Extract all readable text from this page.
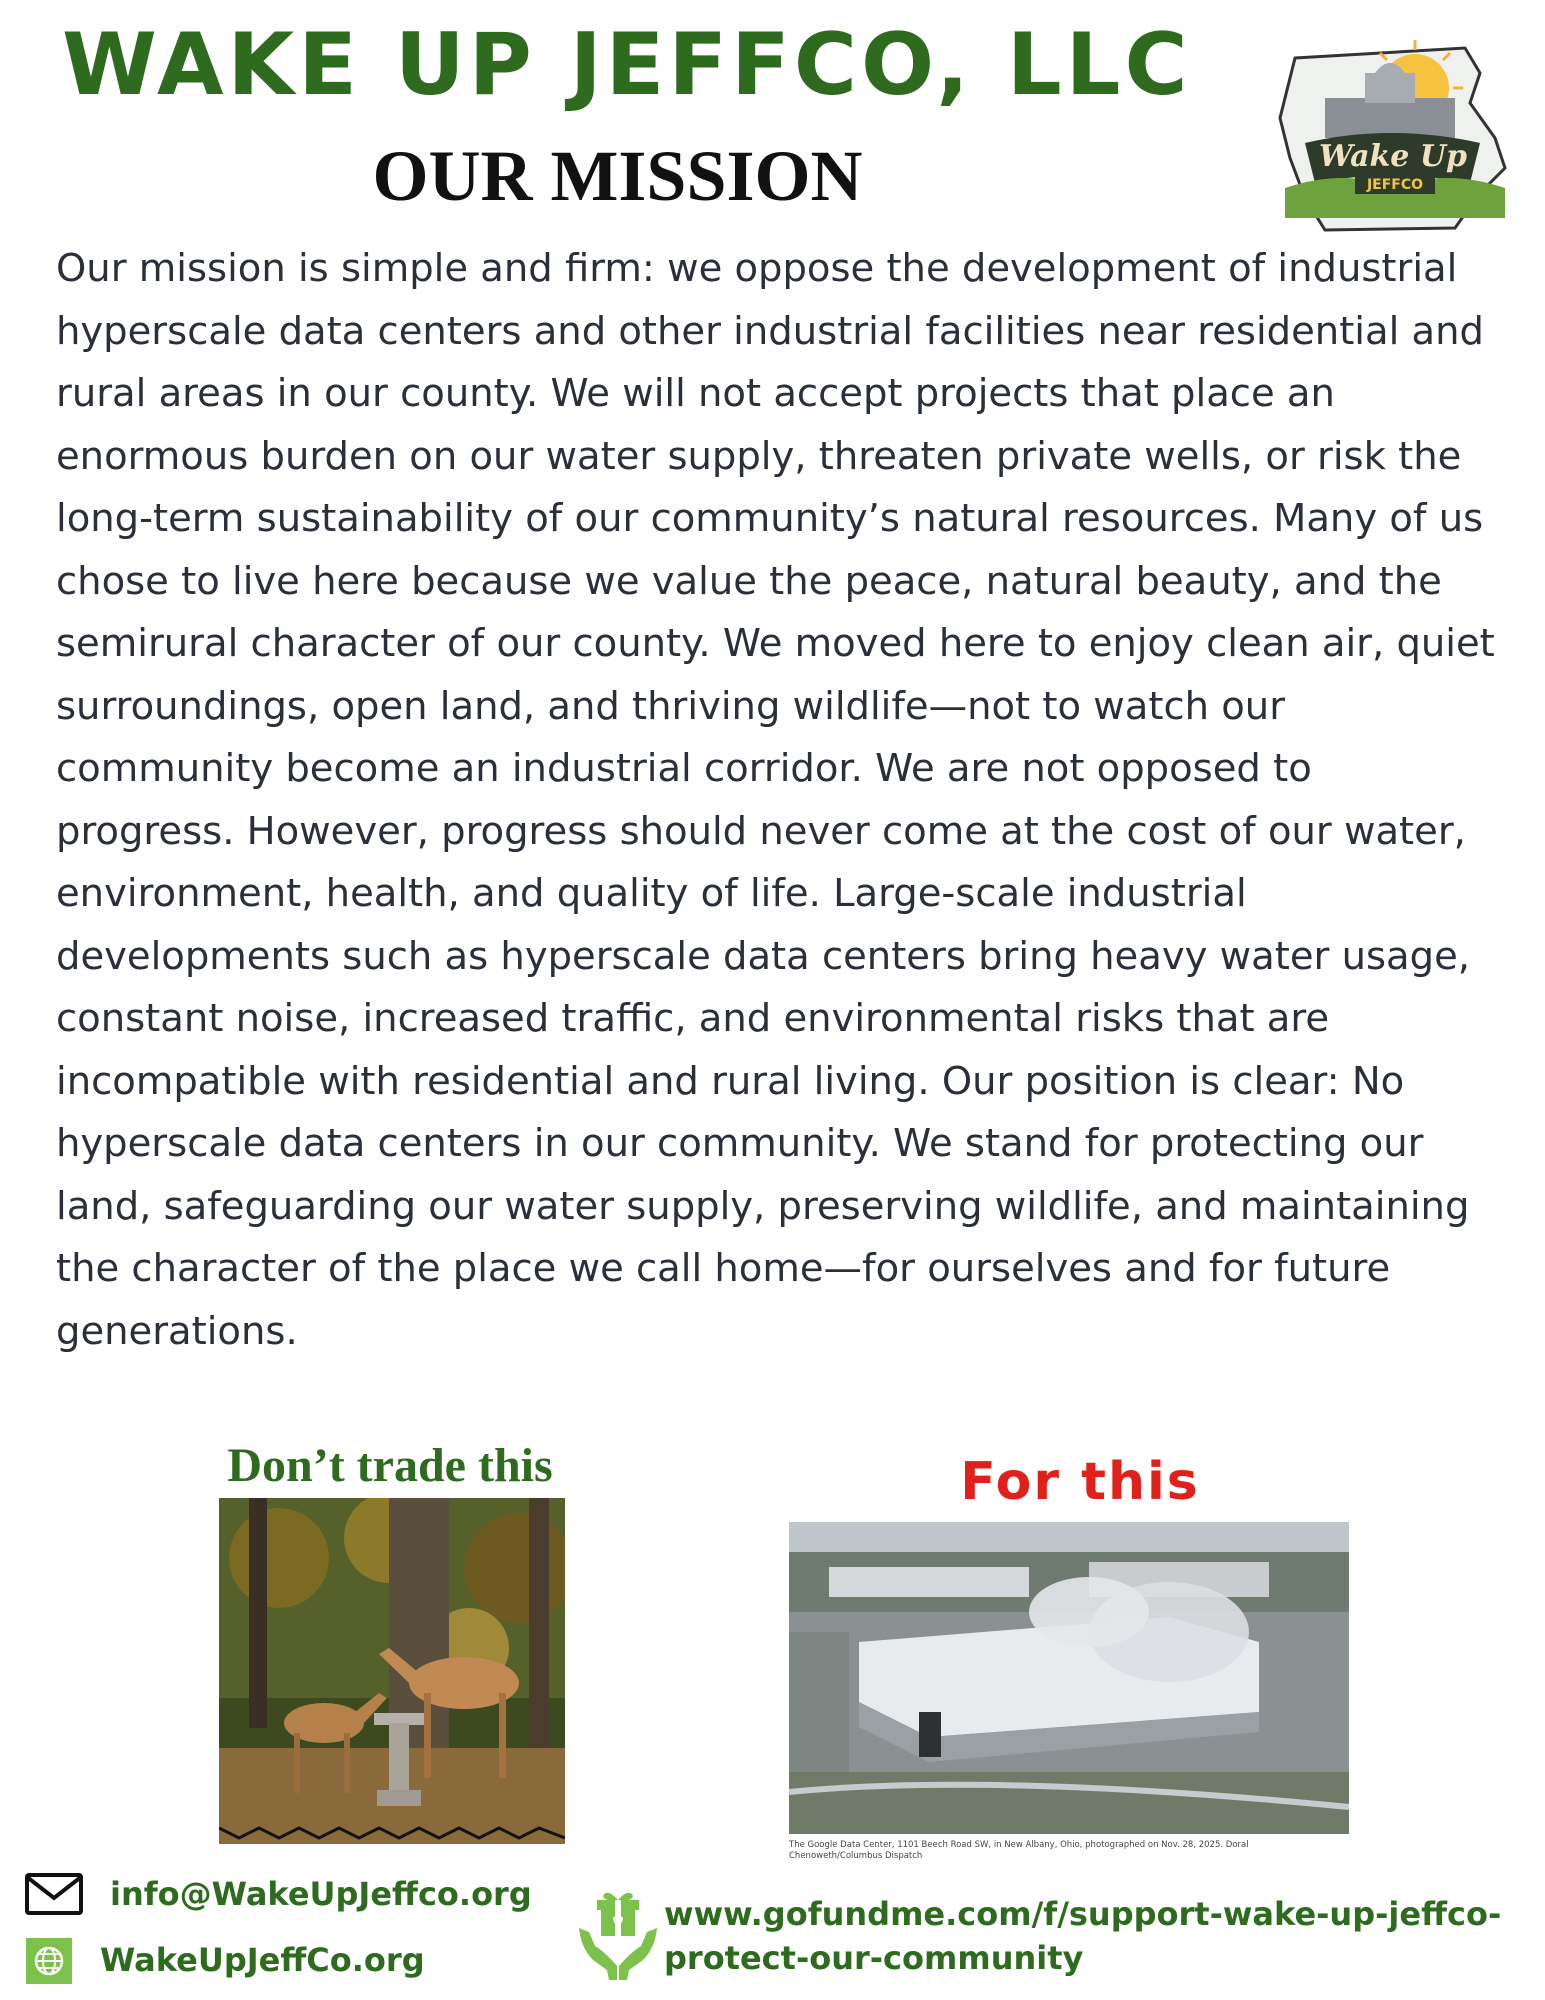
WAKE UP JEFFCO, LLC
OUR MISSION	Wake Up
JEFFCO

Our mission is simple and firm: we oppose the development of industrial hyperscale data centers and other industrial facilities near residential and rural areas in our county. We will not accept projects that place an enormous burden on our water supply, threaten private wells, or risk the long-term sustainability of our community’s natural resources. Many of us chose to live here because we value the peace, natural beauty, and the semirural character of our county. We moved here to enjoy clean air, quiet surroundings, open land, and thriving wildlife—not to watch our community become an industrial corridor. We are not opposed to progress. However, progress should never come at the cost of our water, environment, health, and quality of life. Large-scale industrial developments such as hyperscale data centers bring heavy water usage, constant noise, increased traffic, and environmental risks that are incompatible with residential and rural living. Our position is clear: No hyperscale data centers in our community. We stand for protecting our land, safeguarding our water supply, preserving wildlife, and maintaining the character of the place we call home—for ourselves and for future generations.

Don’t trade this	For this
The Google Data Center, 1101 Beech Road SW, in New Albany, Ohio, photographed on Nov. 28, 2025. Doral Chenoweth/Columbus Dispatch
info@WakeUpJeffco.org
WakeUpJeffCo.org
www.gofundme.com/f/support-wake-up-jeffco-
protect-our-community
